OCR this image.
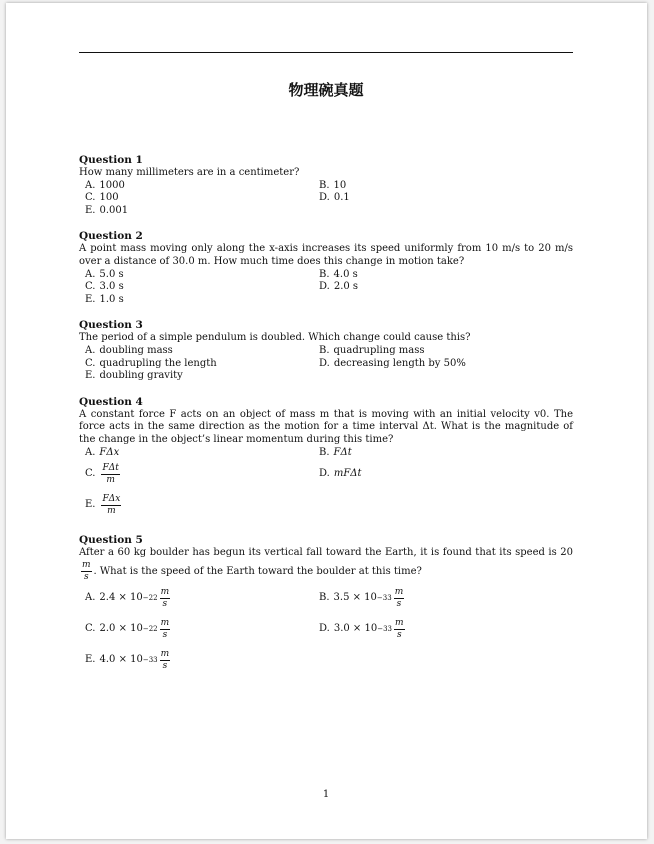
物理碗真题
Question 1
How many millimeters are in a centimeter?
A. 1000	B. 10
C. 100	D. 0.1
E. 0.001
Question 2
A point mass moving only along the x-axis increases its speed uniformly from 10 m/s to 20 m/s over a distance of 30.0 m. How much time does this change in motion take?
A. 5.0 s	B. 4.0 s
C. 3.0 s	D. 2.0 s
E. 1.0 s
Question 3
The period of a simple pendulum is doubled. Which change could cause this?
A. doubling mass	B. quadrupling mass
C. quadrupling the length	D. decreasing length by 50%
E. doubling gravity
Question 4
A constant force F acts on an object of mass m that is moving with an initial velocity v0. The force acts in the same direction as the motion for a time interval Δt. What is the magnitude of the change in the object’s linear momentum during this time?
A. FΔx	B. FΔt
C. $\frac{\text{FΔt}}{m}$	D. mFΔt
E. $\frac{\text{FΔx}}{m}$
Question 5
After a 60 kg boulder has begun its vertical fall toward the Earth, it is found that its speed is 20
$\frac{m}{s}$ . What is the speed of the Earth toward the boulder at this time?
A. $2.4 \times 10 -22 \frac{m}{s}$	B. $3.5 \times 10 -33 \frac{m}{s}$
C. $2.0 \times 10 -22 \frac{m}{s}$	D. $3.0 \times 10 -33 \frac{m}{s}$
E. $4.0 \times 10 -33 \frac{m}{s}$
1
